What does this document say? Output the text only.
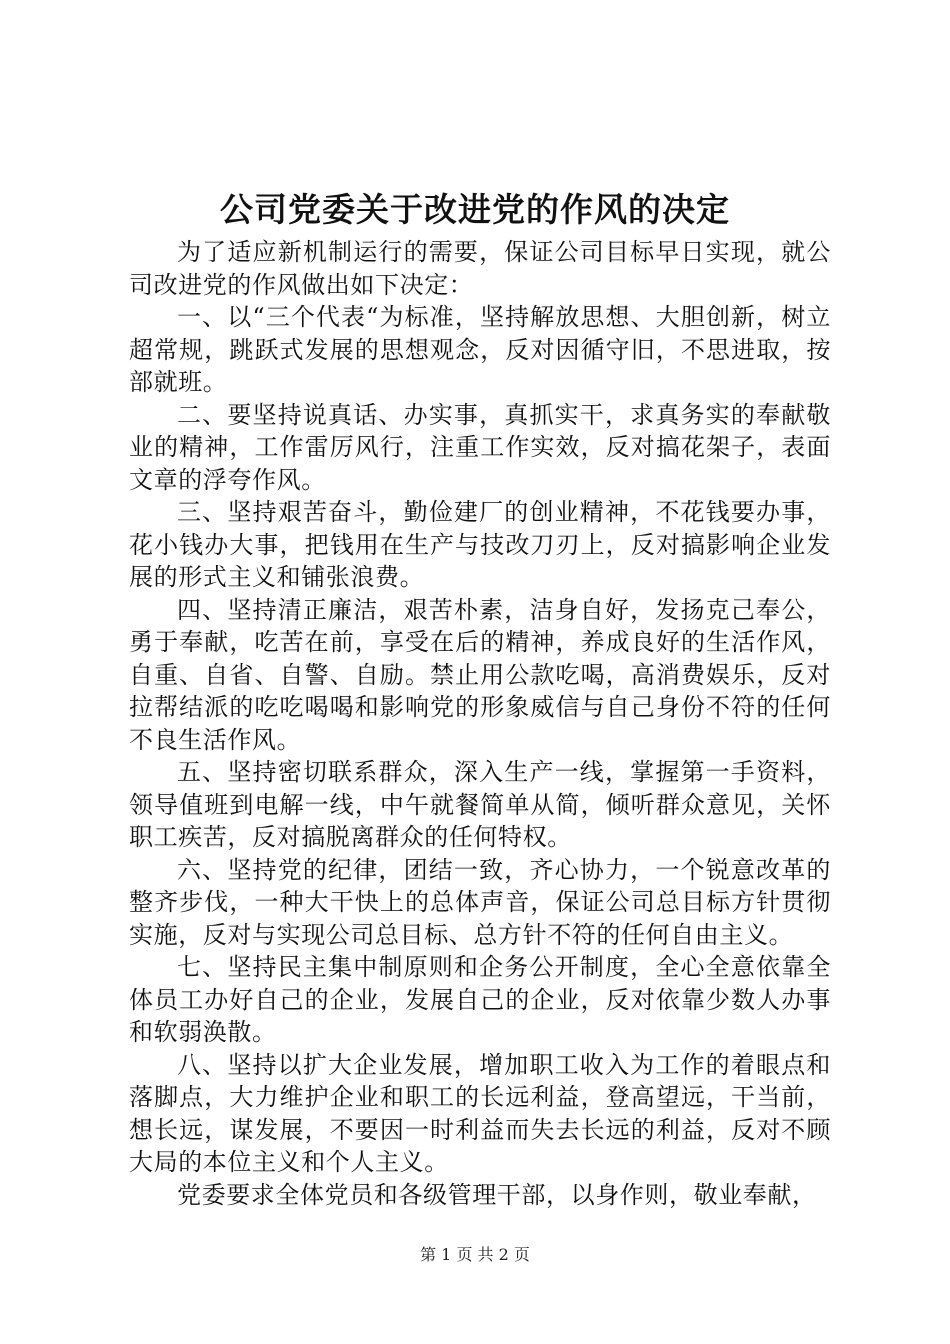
公司党委关于改进党的作风的决定

为了适应新机制运行的需要，保证公司目标早日实现，就公司改进党的作风做出如下决定：

一、以“三个代表“为标准，坚持解放思想、大胆创新，树立超常规，跳跃式发展的思想观念，反对因循守旧，不思进取，按部就班。

二、要坚持说真话、办实事，真抓实干，求真务实的奉献敬业的精神，工作雷厉风行，注重工作实效，反对搞花架子，表面文章的浮夸作风。

三、坚持艰苦奋斗，勤俭建厂的创业精神，不花钱要办事，花小钱办大事，把钱用在生产与技改刀刃上，反对搞影响企业发展的形式主义和铺张浪费。

四、坚持清正廉洁，艰苦朴素，洁身自好，发扬克己奉公，勇于奉献，吃苦在前，享受在后的精神，养成良好的生活作风，自重、自省、自警、自励。禁止用公款吃喝，高消费娱乐，反对拉帮结派的吃吃喝喝和影响党的形象威信与自己身份不符的任何不良生活作风。

五、坚持密切联系群众，深入生产一线，掌握第一手资料，领导值班到电解一线，中午就餐简单从简，倾听群众意见，关怀职工疾苦，反对搞脱离群众的任何特权。

六、坚持党的纪律，团结一致，齐心协力，一个锐意改革的整齐步伐，一种大干快上的总体声音，保证公司总目标方针贯彻实施，反对与实现公司总目标、总方针不符的任何自由主义。

七、坚持民主集中制原则和企务公开制度，全心全意依靠全体员工办好自己的企业，发展自己的企业，反对依靠少数人办事和软弱涣散。

八、坚持以扩大企业发展，增加职工收入为工作的着眼点和落脚点，大力维护企业和职工的长远利益，登高望远，干当前，想长远，谋发展，不要因一时利益而失去长远的利益，反对不顾大局的本位主义和个人主义。

党委要求全体党员和各级管理干部，以身作则，敬业奉献，

第 1 页 共 2 页
